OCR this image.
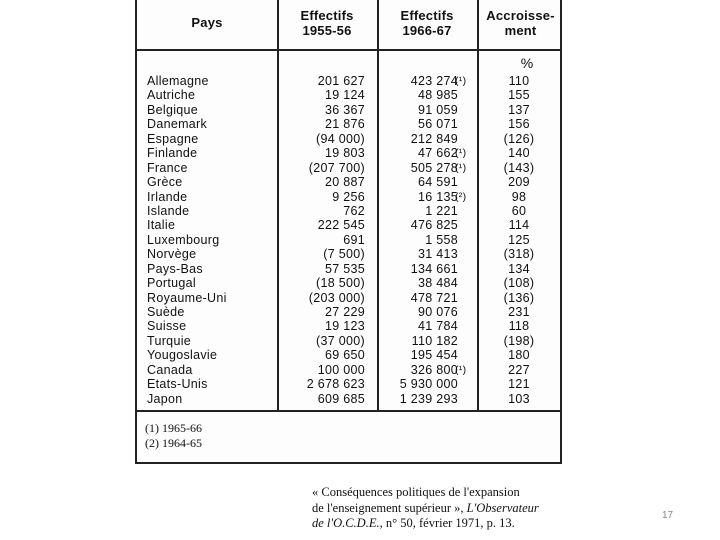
Pays	Effectifs
1955-56
Effectifs
1966-67
Accroisse-
ment
%
Allemagne
Autriche
Belgique
Danemark
Espagne
Finlande
France
Grèce
Irlande
Islande
Italie
Luxembourg
Norvège
Pays-Bas
Portugal
Royaume-Uni
Suède
Suisse
Turquie
Yougoslavie
Canada
Etats-Unis
Japon
201 627
19 124
36 367
21 876
(94 000)
19 803
(207 700)
20 887
9 256
762
222 545
691
(7 500)
57 535
(18 500)
(203 000)
27 229
19 123
(37 000)
69 650
100 000
2 678 623
609 685
423 274
48 985
91 059
56 071
212 849
47 662
505 278
64 591
16 135
1 221
476 825
1 558
31 413
134 661
38 484
478 721
90 076
41 784
110 182
195 454
326 800
5 930 000
1 239 293
(¹)
(¹)
(¹)
(²)
(¹)
110
155
137
156
(126)
140
(143)
209
98
60
114
125
(318)
134
(108)
(136)
231
118
(198)
180
227
121
103
(1) 1965-66
(2) 1964-65
« Conséquences politiques de l'expansion
de l'enseignement supérieur », L'Observateur
de l'O.C.D.E., n° 50, février 1971, p. 13.
17
